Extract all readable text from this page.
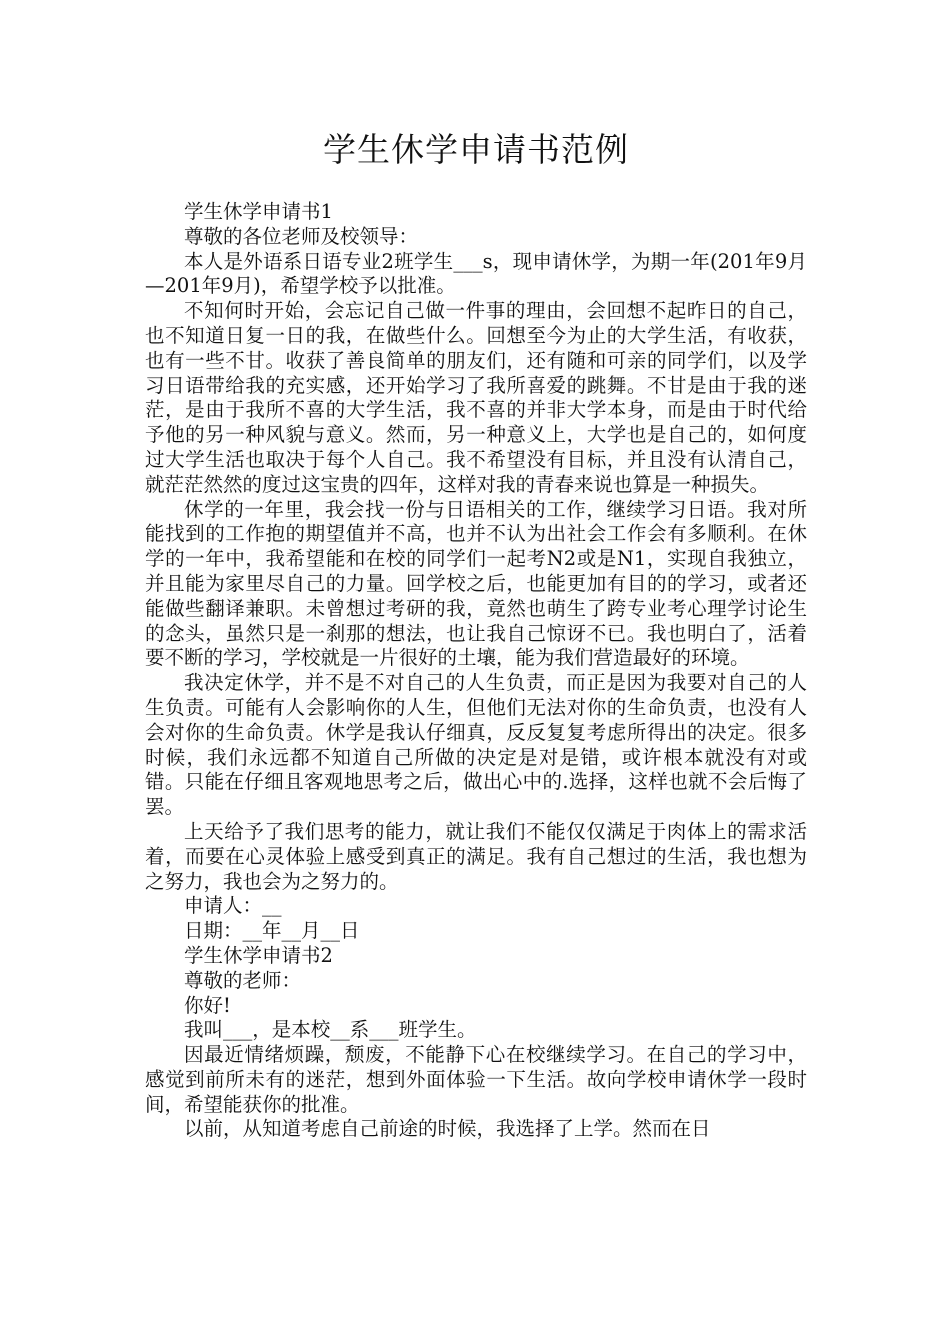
学生休学申请书范例

学生休学申请书1

尊敬的各位老师及校领导：

本人是外语系日语专业2班学生___s，现申请休学，为期一年(201年9月—201年9月)，希望学校予以批准。

不知何时开始，会忘记自己做一件事的理由，会回想不起昨日的自己，也不知道日复一日的我，在做些什么。回想至今为止的大学生活，有收获，也有一些不甘。收获了善良简单的朋友们，还有随和可亲的同学们，以及学习日语带给我的充实感，还开始学习了我所喜爱的跳舞。不甘是由于我的迷茫，是由于我所不喜的大学生活，我不喜的并非大学本身，而是由于时代给予他的另一种风貌与意义。然而，另一种意义上，大学也是自己的，如何度过大学生活也取决于每个人自己。我不希望没有目标，并且没有认清自己，就茫茫然然的度过这宝贵的四年，这样对我的青春来说也算是一种损失。

休学的一年里，我会找一份与日语相关的工作，继续学习日语。我对所能找到的工作抱的期望值并不高，也并不认为出社会工作会有多顺利。在休学的一年中，我希望能和在校的同学们一起考N2或是N1，实现自我独立，并且能为家里尽自己的力量。回学校之后，也能更加有目的的学习，或者还能做些翻译兼职。未曾想过考研的我，竟然也萌生了跨专业考心理学讨论生的念头，虽然只是一刹那的想法，也让我自己惊讶不已。我也明白了，活着要不断的学习，学校就是一片很好的土壤，能为我们营造最好的环境。

我决定休学，并不是不对自己的人生负责，而正是因为我要对自己的人生负责。可能有人会影响你的人生，但他们无法对你的生命负责，也没有人会对你的生命负责。休学是我认仔细真，反反复复考虑所得出的决定。很多时候，我们永远都不知道自己所做的决定是对是错，或许根本就没有对或错。只能在仔细且客观地思考之后，做出心中的.选择，这样也就不会后悔了罢。

上天给予了我们思考的能力，就让我们不能仅仅满足于肉体上的需求活着，而要在心灵体验上感受到真正的满足。我有自己想过的生活，我也想为之努力，我也会为之努力的。

申请人：__

日期：__年__月__日

学生休学申请书2

尊敬的老师：

你好!

我叫___，是本校__系___班学生。

因最近情绪烦躁，颓废，不能静下心在校继续学习。在自己的学习中，感觉到前所未有的迷茫，想到外面体验一下生活。故向学校申请休学一段时间，希望能获你的批准。

以前，从知道考虑自己前途的时候，我选择了上学。然而在日
